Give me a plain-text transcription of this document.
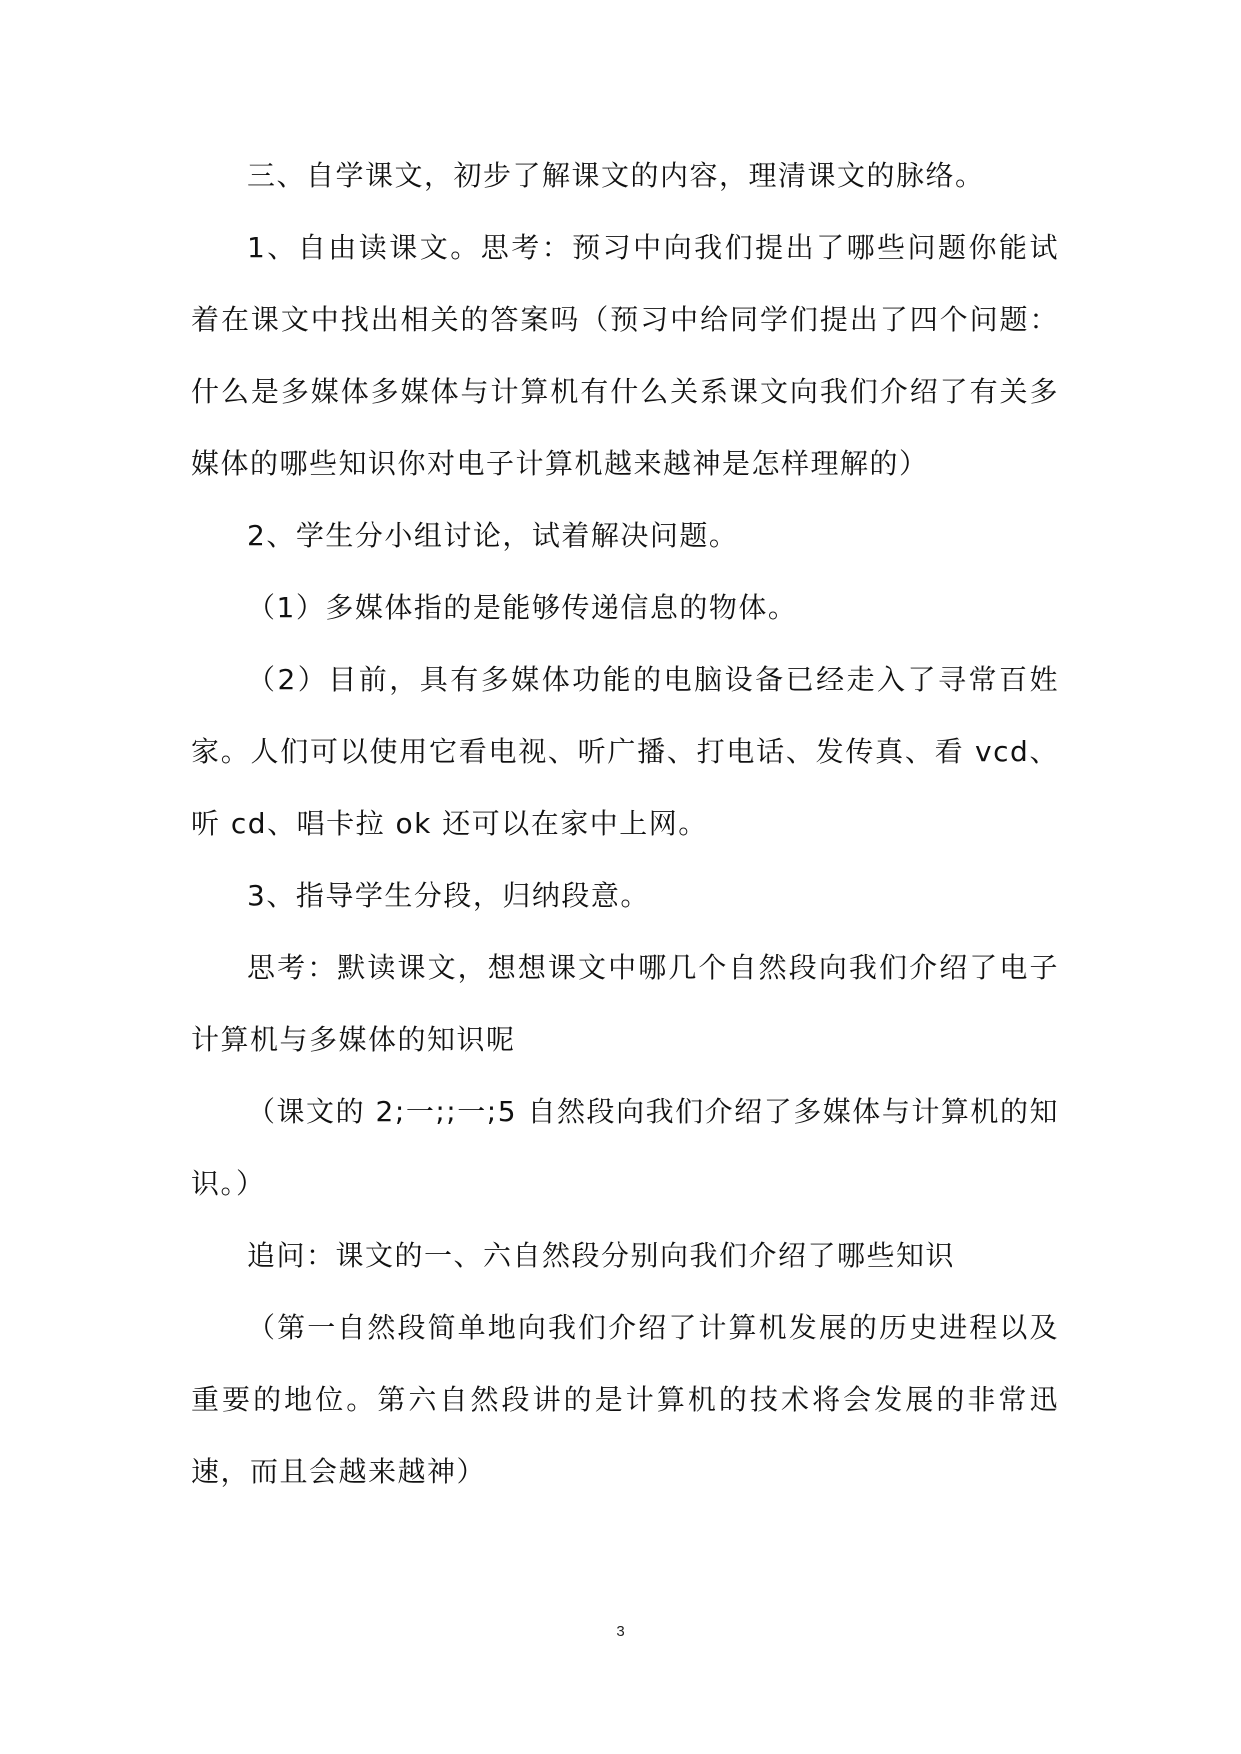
三、自学课文，初步了解课文的内容，理清课文的脉络。

1、自由读课文。思考：预习中向我们提出了哪些问题你能试着在课文中找出相关的答案吗（预习中给同学们提出了四个问题：什么是多媒体多媒体与计算机有什么关系课文向我们介绍了有关多媒体的哪些知识你对电子计算机越来越神是怎样理解的）

2、学生分小组讨论，试着解决问题。

（1）多媒体指的是能够传递信息的物体。

（2）目前，具有多媒体功能的电脑设备已经走入了寻常百姓家。人们可以使用它看电视、听广播、打电话、发传真、看 vcd、听 cd、唱卡拉 ok 还可以在家中上网。

3、指导学生分段，归纳段意。

思考：默读课文，想想课文中哪几个自然段向我们介绍了电子计算机与多媒体的知识呢

（课文的 2;一;;一;5 自然段向我们介绍了多媒体与计算机的知识。）

追问：课文的一、六自然段分别向我们介绍了哪些知识

（第一自然段简单地向我们介绍了计算机发展的历史进程以及重要的地位。第六自然段讲的是计算机的技术将会发展的非常迅速，而且会越来越神）

3
